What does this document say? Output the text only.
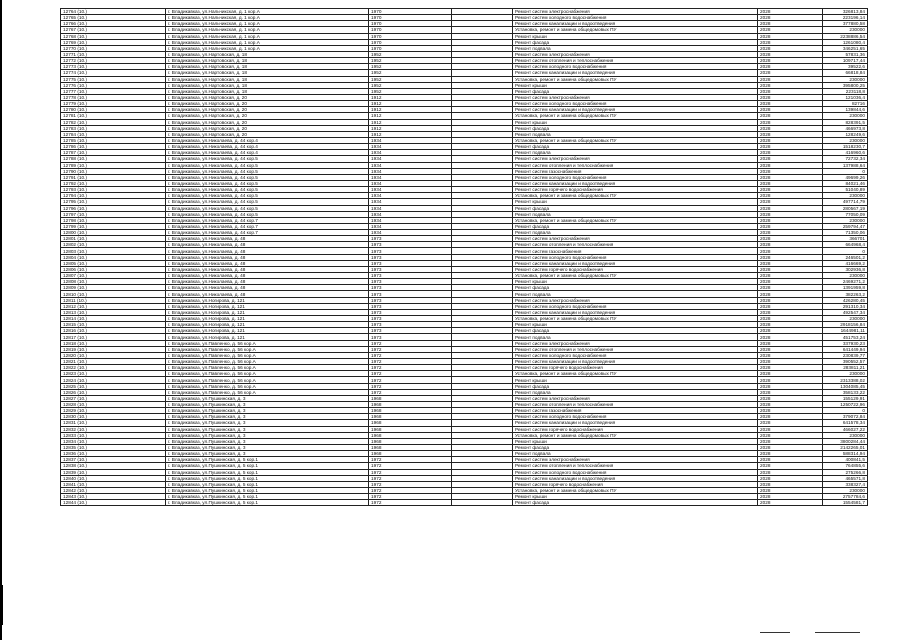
12764 (10.)	г. Владикавказ, ул.Нальчикская, д. 1 кор.А	1970		Ремонт систем электроснабжения	2028	326813,84
12765 (10.)	г. Владикавказ, ул.Нальчикская, д. 1 кор.А	1970		Ремонт систем холодного водоснабжения	2028	223196,14
12766 (10.)	г. Владикавказ, ул.Нальчикская, д. 1 кор.А	1970		Ремонт систем канализации и водоотведения	2028	377880,58
12767 (10.)	г. Владикавказ, ул.Нальчикская, д. 1 кор.А	1970		Установка, ремонт и замена общедомовых ПУ	2028	230000
12768 (10.)	г. Владикавказ, ул.Нальчикская, д. 1 кор.А	1970		Ремонт крыши	2028	2238886,54
12769 (10.)	г. Владикавказ, ул.Нальчикская, д. 1 кор.А	1970		Ремонт фасада	2028	1261080,4
12770 (10.)	г. Владикавказ, ул.Нальчикская, д. 1 кор.А	1970		Ремонт подвала	2028	346251,65
12771 (10.)	г. Владикавказ, ул.Нартовская, д. 18	1952		Ремонт систем электроснабжения	2028	57831,36
12772 (10.)	г. Владикавказ, ул.Нартовская, д. 18	1952		Ремонт систем отопления и теплоснабжения	2028	109717,44
12773 (10.)	г. Владикавказ, ул.Нартовская, д. 18	1952		Ремонт систем холодного водоснабжения	2028	39522,6
12774 (10.)	г. Владикавказ, ул.Нартовская, д. 18	1952		Ремонт систем канализации и водоотведения	2028	66818,84
12775 (10.)	г. Владикавказ, ул.Нартовская, д. 18	1952		Установка, ремонт и замена общедомовых ПУ	2028	230000
12776 (10.)	г. Владикавказ, ул.Нартовская, д. 18	1952		Ремонт крыши	2028	395800,25
12777 (10.)	г. Владикавказ, ул.Нартовская, д. 18	1952		Ремонт фасада	2028	223118,8
12778 (10.)	г. Владикавказ, ул.Нартовская, д. 20	1912		Ремонт систем электроснабжения	2028	121036,4
12779 (10.)	г. Владикавказ, ул.Нартовская, д. 20	1912		Ремонт систем холодного водоснабжения	2028	82716
12780 (10.)	г. Владикавказ, ул.Нартовская, д. 20	1912		Ремонт систем канализации и водоотведения	2028	139844,6
12781 (10.)	г. Владикавказ, ул.Нартовская, д. 20	1912		Установка, ремонт и замена общедомовых ПУ	2028	230000
12782 (10.)	г. Владикавказ, ул.Нартовская, д. 20	1912		Ремонт крыши	2028	828391,5
12783 (10.)	г. Владикавказ, ул.Нартовская, д. 20	1912		Ремонт фасада	2028	466973,8
12784 (10.)	г. Владикавказ, ул.Нартовская, д. 20	1912		Ремонт подвала	2028	128249,6
12785 (10.)	г. Владикавказ, ул.Николаева, д. 44 кор.4	1934		Установка, ремонт и замена общедомовых ПУ	2028	230000
12786 (10.)	г. Владикавказ, ул.Николаева, д. 44 кор.4	1934		Ремонт фасада	2028	1518230,7
12787 (10.)	г. Владикавказ, ул.Николаева, д. 44 кор.4	1934		Ремонт подвала	2028	416960,6
12788 (10.)	г. Владикавказ, ул.Николаева, д. 44 кор.5	1934		Ремонт систем электроснабжения	2028	72732,34
12789 (10.)	г. Владикавказ, ул.Николаева, д. 44 кор.5	1934		Ремонт систем отопления и теплоснабжения	2028	137988,64
12790 (10.)	г. Владикавказ, ул.Николаева, д. 44 кор.5	1934		Ремонт систем газоснабжения	2028	0
12791 (10.)	г. Владикавказ, ул.Николаева, д. 44 кор.5	1934		Ремонт систем холодного водоснабжения	2028	49699,26
12792 (10.)	г. Владикавказ, ул.Николаева, д. 44 кор.5	1934		Ремонт систем канализации и водоотведения	2028	84021,46
12793 (10.)	г. Владикавказ, ул.Николаева, д. 44 кор.5	1934		Ремонт систем горячего водоснабжения	2028	51040,89
12794 (10.)	г. Владикавказ, ул.Николаева, д. 44 кор.5	1934		Установка, ремонт и замена общедомовых ПУ	2028	230000
12795 (10.)	г. Владикавказ, ул.Николаева, д. 44 кор.5	1934		Ремонт крыши	2028	497714,79
12796 (10.)	г. Владикавказ, ул.Николаева, д. 44 кор.5	1934		Ремонт фасада	2028	280567,19
12797 (10.)	г. Владикавказ, ул.Николаева, д. 44 кор.5	1934		Ремонт подвала	2028	77050,09
12798 (10.)	г. Владикавказ, ул.Николаева, д. 44 кор.7	1934		Установка, ремонт и замена общедомовых ПУ	2028	230000
12799 (10.)	г. Владикавказ, ул.Николаева, д. 44 кор.7	1934		Ремонт фасада	2028	259794,47
12800 (10.)	г. Владикавказ, ул.Николаева, д. 44 кор.7	1934		Ремонт подвала	2028	71350,06
12801 (10.)	г. Владикавказ, ул.Николаева, д. 48	1973		Ремонт систем электроснабжения	2028	366701
12802 (10.)	г. Владикавказ, ул.Николаева, д. 48	1973		Ремонт систем отопления и теплоснабжения	2028	664968,4
12803 (10.)	г. Владикавказ, ул.Николаева, д. 48	1973		Ремонт систем газоснабжения	2028	0
12804 (10.)	г. Владикавказ, ул.Николаева, д. 48	1973		Ремонт систем холодного водоснабжения	2028	246501,2
12805 (10.)	г. Владикавказ, ул.Николаева, д. 48	1973		Ремонт систем канализации и водоотведения	2028	416669,2
12806 (10.)	г. Владикавказ, ул.Николаева, д. 48	1973		Ремонт систем горячего водоснабжения	2028	302936,8
12807 (10.)	г. Владикавказ, ул.Николаева, д. 48	1973		Установка, ремонт и замена общедомовых ПУ	2028	230000
12808 (10.)	г. Владикавказ, ул.Николаева, д. 48	1973		Ремонт крыши	2028	2469271,2
12809 (10.)	г. Владикавказ, ул.Николаева, д. 48	1973		Ремонт фасада	2028	1391959,8
12810 (10.)	г. Владикавказ, ул.Николаева, д. 48	1973		Ремонт подвала	2028	382263,2
12811 (10.)	г. Владикавказ, ул.Ногирова, д. 121	1973		Ремонт систем электроснабжения	2028	426280,45
12812 (10.)	г. Владикавказ, ул.Ногирова, д. 121	1973		Ремонт систем холодного водоснабжения	2028	291310,34
12813 (10.)	г. Владикавказ, ул.Ногирова, д. 121	1973		Ремонт систем канализации и водоотведения	2028	492547,34
12814 (10.)	г. Владикавказ, ул.Ногирова, д. 121	1973		Установка, ремонт и замена общедомовых ПУ	2028	230000
12815 (10.)	г. Владикавказ, ул.Ногирова, д. 121	1973		Ремонт крыши	2028	2918156,84
12816 (10.)	г. Владикавказ, ул.Ногирова, д. 121	1973		Ремонт фасада	2028	1644981,11
12817 (10.)	г. Владикавказ, ул.Ногирова, д. 121	1973		Ремонт подвала	2028	451753,24
12818 (10.)	г. Владикавказ, ул.Павленко, д. 56 кор.А	1972		Ремонт систем электроснабжения	2028	337930,23
12819 (10.)	г. Владикавказ, ул.Павленко, д. 56 кор.А	1972		Ремонт систем отопления и теплоснабжения	2028	641449,94
12820 (10.)	г. Владикавказ, ул.Павленко, д. 56 кор.А	1972		Ремонт систем холодного водоснабжения	2028	230839,77
12821 (10.)	г. Владикавказ, ул.Павленко, д. 56 кор.А	1972		Ремонт систем канализации и водоотведения	2028	390552,57
12822 (10.)	г. Владикавказ, ул.Павленко, д. 56 кор.А	1972		Ремонт систем горячего водоснабжения	2028	283811,21
12823 (10.)	г. Владикавказ, ул.Павленко, д. 56 кор.А	1972		Установка, ремонт и замена общедомовых ПУ	2028	230000
12824 (10.)	г. Владикавказ, ул.Павленко, д. 56 кор.А	1972		Ремонт крыши	2028	2313388,02
12825 (10.)	г. Владикавказ, ул.Павленко, д. 56 кор.А	1972		Ремонт фасада	2028	1304085,45
12826 (10.)	г. Владикавказ, ул.Павленко, д. 56 кор.А	1972		Ремонт подвала	2028	358133,22
12827 (10.)	г. Владикавказ, ул.Пушкинская, д. 3	1968		Ремонт систем электроснабжения	2028	155129,91
12828 (10.)	г. Владикавказ, ул.Пушкинская, д. 3	1968		Ремонт систем отопления и теплоснабжения	2028	1250722,96
12829 (10.)	г. Владикавказ, ул.Пушкинская, д. 3	1968		Ремонт систем газоснабжения	2028	0
12830 (10.)	г. Владикавказ, ул.Пушкинская, д. 3	1968		Ремонт систем холодного водоснабжения	2028	379072,84
12831 (10.)	г. Владикавказ, ул.Пушкинская, д. 3	1968		Ремонт систем канализации и водоотведения	2028	641578,34
12832 (10.)	г. Владикавказ, ул.Пушкинская, д. 3	1968		Ремонт систем горячего водоснабжения	2028	466027,22
12833 (10.)	г. Владикавказ, ул.Пушкинская, д. 3	1968		Установка, ремонт и замена общедомовых ПУ	2028	230000
12834 (10.)	г. Владикавказ, ул.Пушкинская, д. 3	1968		Ремонт крыши	2028	3800284,44
12835 (10.)	г. Владикавказ, ул.Пушкинская, д. 3	1968		Ремонт фасада	2028	2142265,01
12836 (10.)	г. Владикавказ, ул.Пушкинская, д. 3	1968		Ремонт подвала	2028	588314,94
12837 (10.)	г. Владикавказ, ул.Пушкинская, д. 5 кор.1	1972		Ремонт систем электроснабжения	2028	400841,5
12838 (10.)	г. Владикавказ, ул.Пушкинская, д. 5 кор.1	1972		Ремонт систем отопления и теплоснабжения	2028	764855,6
12839 (10.)	г. Владикавказ, ул.Пушкинская, д. 5 кор.1	1972		Ремонт систем холодного водоснабжения	2028	275266,8
12840 (10.)	г. Владикавказ, ул.Пушкинская, д. 5 кор.1	1972		Ремонт систем канализации и водоотведения	2028	465571,8
12841 (10.)	г. Владикавказ, ул.Пушкинская, д. 5 кор.1	1972		Ремонт систем горячего водоснабжения	2028	338327,4
12842 (10.)	г. Владикавказ, ул.Пушкинская, д. 5 кор.1	1972		Установка, ремонт и замена общедомовых ПУ	2028	230000
12843 (10.)	г. Владикавказ, ул.Пушкинская, д. 5 кор.1	1972		Ремонт крыши	2028	2757784,6
12844 (10.)	г. Владикавказ, ул.Пушкинская, д. 5 кор.1	1972		Ремонт фасада	2028	1554581,7
